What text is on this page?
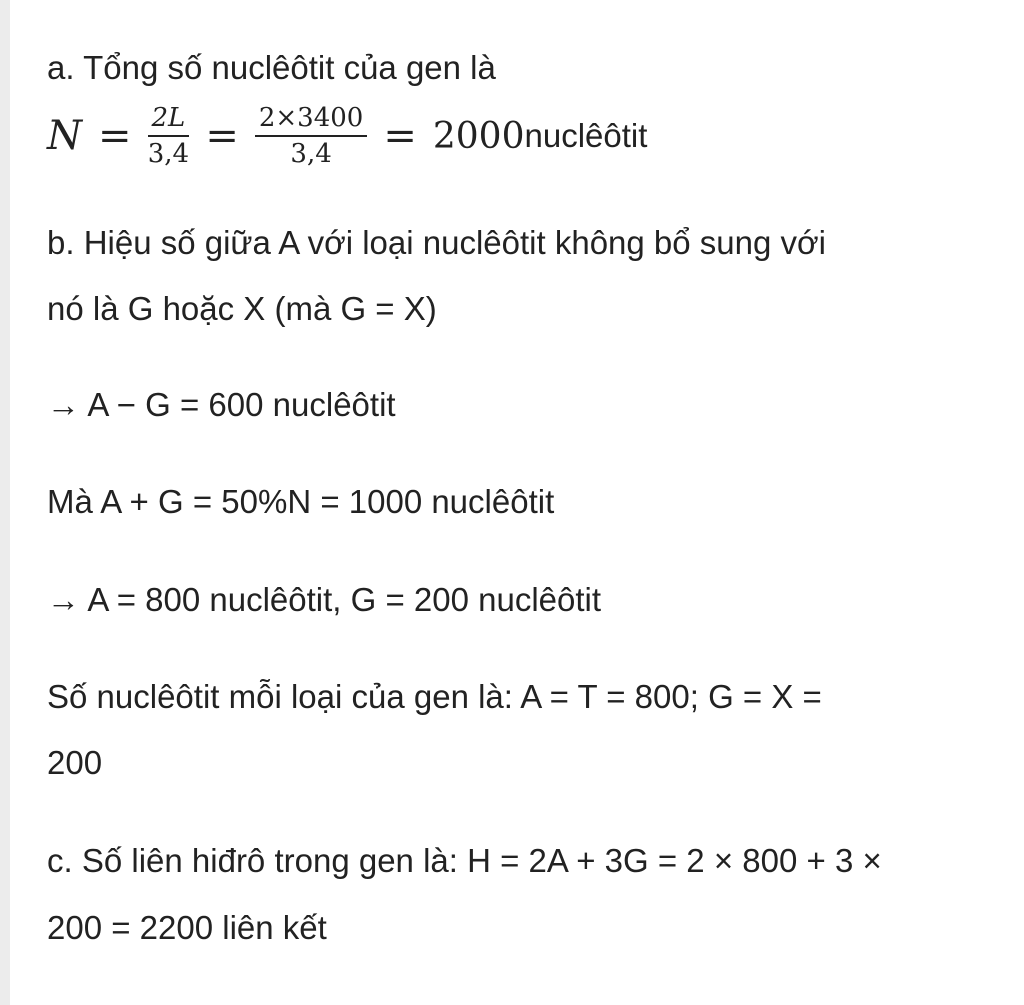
a. Tổng số nuclêôtit của gen là
$N = \frac{2L}{3,4} = \frac{2\times 3400}{3,4} = 2000$ nuclêôtit
b. Hiệu số giữa A với loại nuclêôtit không bổ sung với
nó là G hoặc X (mà G = X)
→ A − G = 600 nuclêôtit
Mà A + G = 50%N = 1000 nuclêôtit
→ A = 800 nuclêôtit, G = 200 nuclêôtit
Số nuclêôtit mỗi loại của gen là: A = T = 800; G = X =
200
c. Số liên hiđrô trong gen là: H = 2A + 3G = 2 × 800 + 3 ×
200 = 2200 liên kết
